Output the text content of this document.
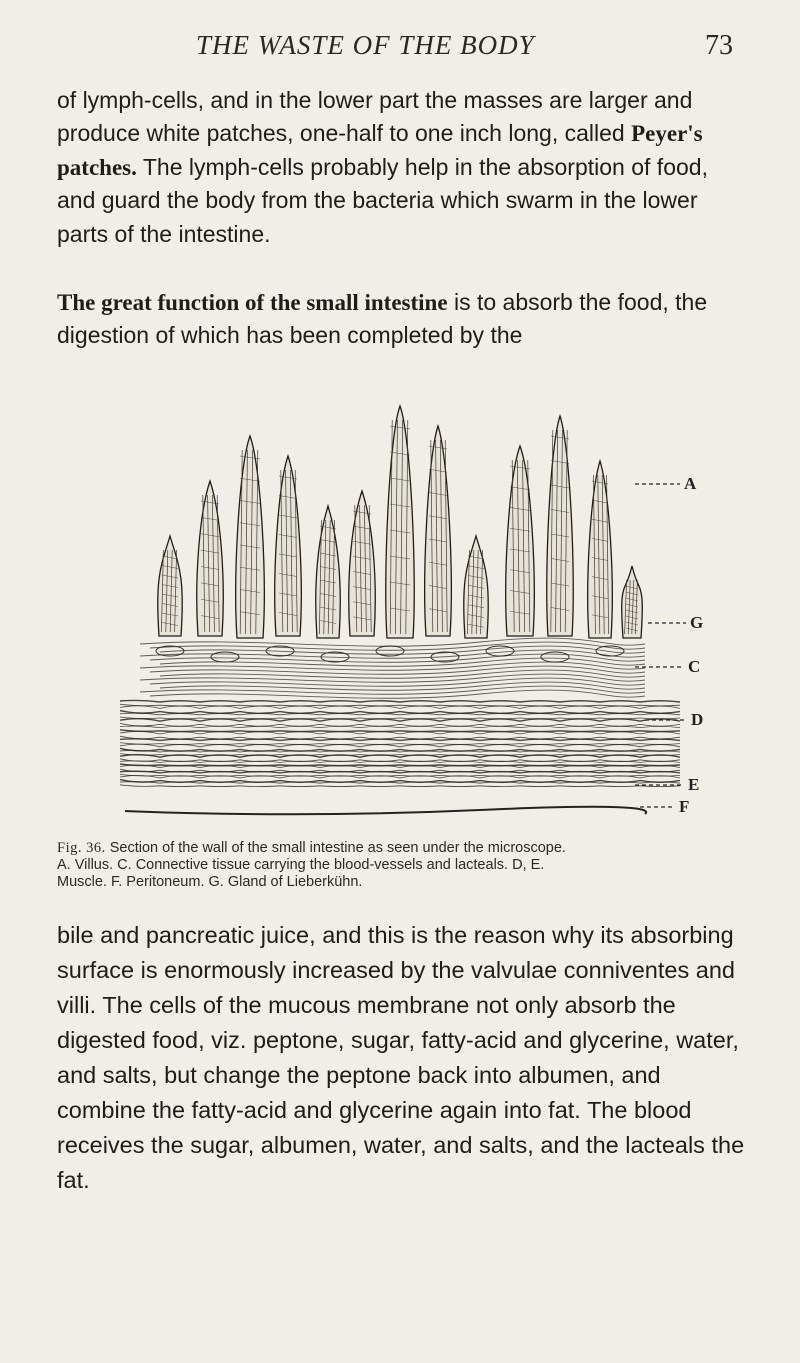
THE WASTE OF THE BODY	73

of lymph-cells, and in the lower part the masses are larger and produce white patches, one-half to one inch long, called Peyer's patches. The lymph-cells probably help in the absorption of food, and guard the body from the bacteria which swarm in the lower parts of the intestine.

The great function of the small intestine is to absorb the food, the digestion of which has been completed by the

A
G
C
D
E
F
Fig. 36. Section of the wall of the small intestine as seen under the microscope.
A. Villus. C. Connective tissue carrying the blood-vessels and lacteals. D, E.
Muscle. F. Peritoneum. G. Gland of Lieberkühn.

bile and pancreatic juice, and this is the reason why its absorbing surface is enormously increased by the valvulae conniventes and villi. The cells of the mucous membrane not only absorb the digested food, viz. peptone, sugar, fatty-acid and glycerine, water, and salts, but change the peptone back into albumen, and combine the fatty-acid and glycerine again into fat. The blood receives the sugar, albumen, water, and salts, and the lacteals the fat.
